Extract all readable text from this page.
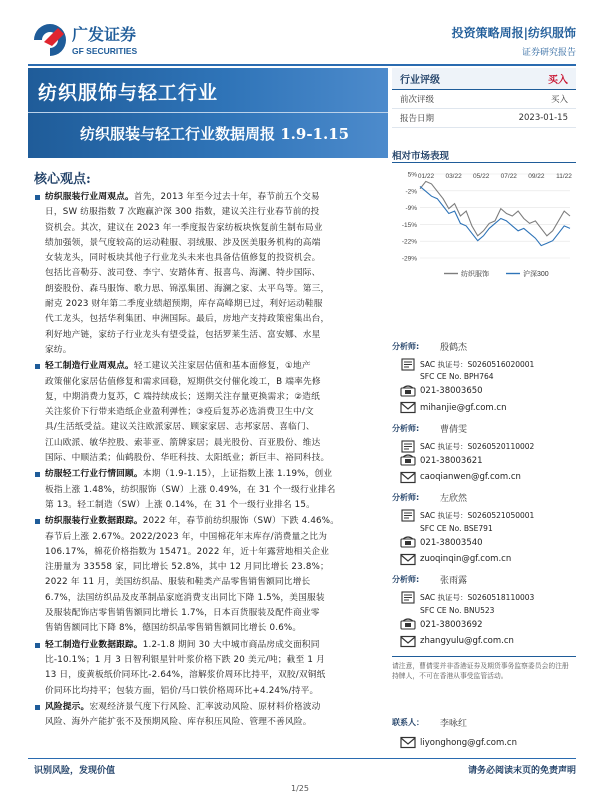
广发证券
GF SECURITIES
投资策略周报|纺织服饰
证券研究报告
纺织服饰与轻工行业
纺织服装与轻工行业数据周报 1.9-1.15
行业评级	买入
前次评级	买入
报告日期	2023-01-15
相对市场表现
5%
-2%
-9%
-15%
-22%
-29%
01/22 03/22 05/22 07/22 09/22 11/22
纺织服饰	沪深300
分析师:	殷鹤杰
SAC 执证号：S0260516020001
SFC CE No. BPH764
021-38003650
mihanjie@gf.com.cn
分析师:	曹倩雯
SAC 执证号：S0260520110002
021-38003621
caoqianwen@gf.com.cn
分析师:	左欣然
SAC 执证号：S0260521050001
SFC CE No. BSE791
021-38003540
zuoqinqin@gf.com.cn
分析师:	张雨露
SAC 执证号：S0260518110003
SFC CE No. BNU523
021-38003692
zhangyulu@gf.com.cn
请注意，曹倩雯并非香港证券及期货事务监察委员会的注册
持牌人，不可在香港从事受监管活动。
联系人：	李咏红
liyonghong@gf.com.cn
核心观点:
纺织服装行业周观点。首先，2013 年至今过去十年，春节前五个交易
日，SW 纺服指数 7 次跑赢沪深 300 指数，建议关注行业春节前的投
资机会。其次，建议在 2023 年一季度报告家纺板块恢复前生制布局业
绩加强领，景气度较高的运动鞋服、羽绒服、涉及医美服务机构的高端
女装龙头，同时板块其他子行业龙头未来也具备估值修复的投资机会。
包括比音勒芬、波司登、李宁、安踏体育、报喜鸟、海澜、特步国际、
朗姿股份、森马服饰、歌力思、锦泓集团、海澜之家、太平鸟等。第三，
耐克 2023 财年第二季度业绩超预期，库存高峰期已过，利好运动鞋服
代工龙头，包括华利集团、申洲国际。最后，房地产支持政策密集出台，
利好地产链，家纺子行业龙头有望受益，包括罗莱生活、富安娜、水星
家纺。
轻工制造行业周观点。轻工建议关注家居估值和基本面修复，①地产
政策催化家居估值修复和需求回稳，短期供交付催化竣工，B 端率先修
复，中期消费力复苏，C 端持续成长；送期关注存量更换需求；②造纸
关注浆价下行带来造纸企业盈利弹性；③疫后复苏必选消费卫生中/文
具/生活纸受益。建议关注欧派家居、顾家家居、志邦家居、喜临门、
江山欧派、敏华控股、索菲亚、箭牌家居；晨光股份、百亚股份、维达
国际、中顺洁柔；仙鹤股份、华旺科技、太阳纸业；新巨丰、裕同科技。
纺服轻工行业行情回顾。本期（1.9-1.15），上证指数上涨 1.19%，创业
板指上涨 1.48%，纺织服饰（SW）上涨 0.49%，在 31 个一级行业排名
第 13。轻工制造（SW）上涨 0.14%，在 31 个一级行业排名 15。
纺织服装行业数据跟踪。2022 年，春节前纺织服饰（SW）下跌 4.46%。
春节后上涨 2.67%。2022/2023 年，中国棉花年末库存/消费量之比为
106.17%，棉花价格指数为 15471。2022 年，近十年露营地相关企业
注册量为 33558 家，同比增长 52.8%，其中 12 月同比增长 23.8%；
2022 年 11 月，美国纺织品、服装和鞋类产品零售销售额同比增长
6.7%，法国纺织品及皮革制品家庭消费支出同比下降 1.5%，美国服装
及服装配饰店零售销售额同比增长 1.7%，日本百货服装及配件商业零
售销售额同比下降 8%，德国纺织品零售销售额同比增长 0.6%。
轻工制造行业数据跟踪。1.2-1.8 期间 30 大中城市商品房成交面积同
比-10.1%；1 月 3 日智利银星针叶浆价格下跌 20 美元/吨；截至 1 月
13 日，废黄板纸价同环比-2.64%，溶解浆价周环比持平，双胶/双铜纸
价同环比均持平；包装方面，铝价/马口铁价格周环比+4.24%/持平。
风险提示。宏观经济景气度下行风险、汇率波动风险、原材料价格波动
风险、海外产能扩张不及预期风险、库存积压风险、管理不善风险。
识别风险，发现价值	请务必阅读末页的免责声明
1/25
